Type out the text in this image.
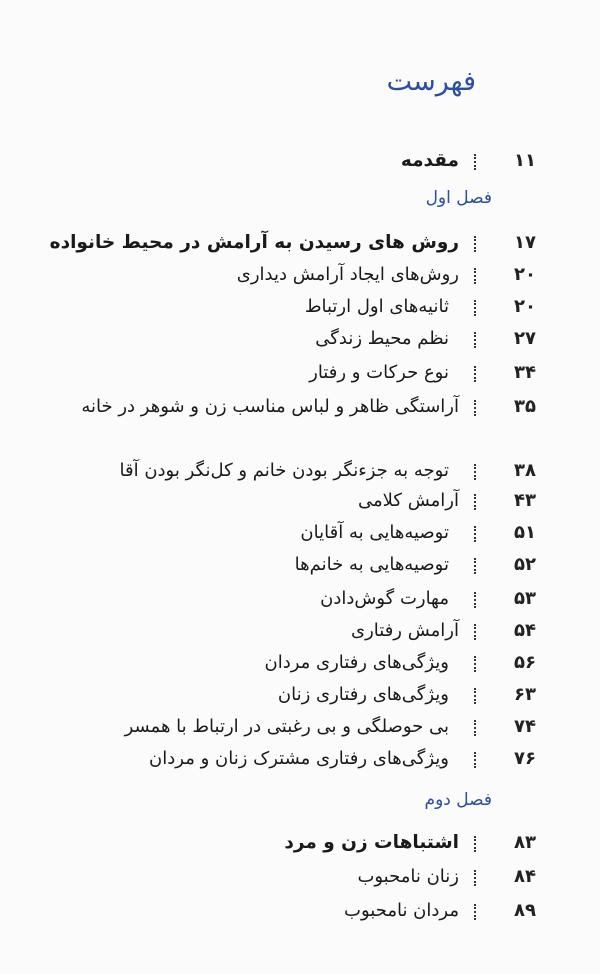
فهرست
۱۱
مقدمه
فصل اول
۱۷
روش های رسیدن به آرامش در محیط خانواده
۲۰
روش‌های ایجاد آرامش دیداری
۲۰
ثانیه‌های اول ارتباط
۲۷
نظم محیط زندگی
۳۴
نوع حرکات و رفتار
۳۵
آراستگی ظاهر و لباس مناسب زن و شوهر در خانه
۳۸
توجه به جزءنگر بودن خانم و کل‌نگر بودن آقا
۴۳
آرامش کلامی
۵۱
توصیه‌هایی به آقایان
۵۲
توصیه‌هایی به خانم‌ها
۵۳
مهارت گوش‌دادن
۵۴
آرامش رفتاری
۵۶
ویژگی‌های رفتاری مردان
۶۳
ویژگی‌های رفتاری زنان
۷۴
بی حوصلگی و بی رغبتی در ارتباط با همسر
۷۶
ویژگی‌های رفتاری مشترک زنان و مردان
فصل دوم
۸۳
اشتباهات زن و مرد
۸۴
زنان نامحبوب
۸۹
مردان نامحبوب
